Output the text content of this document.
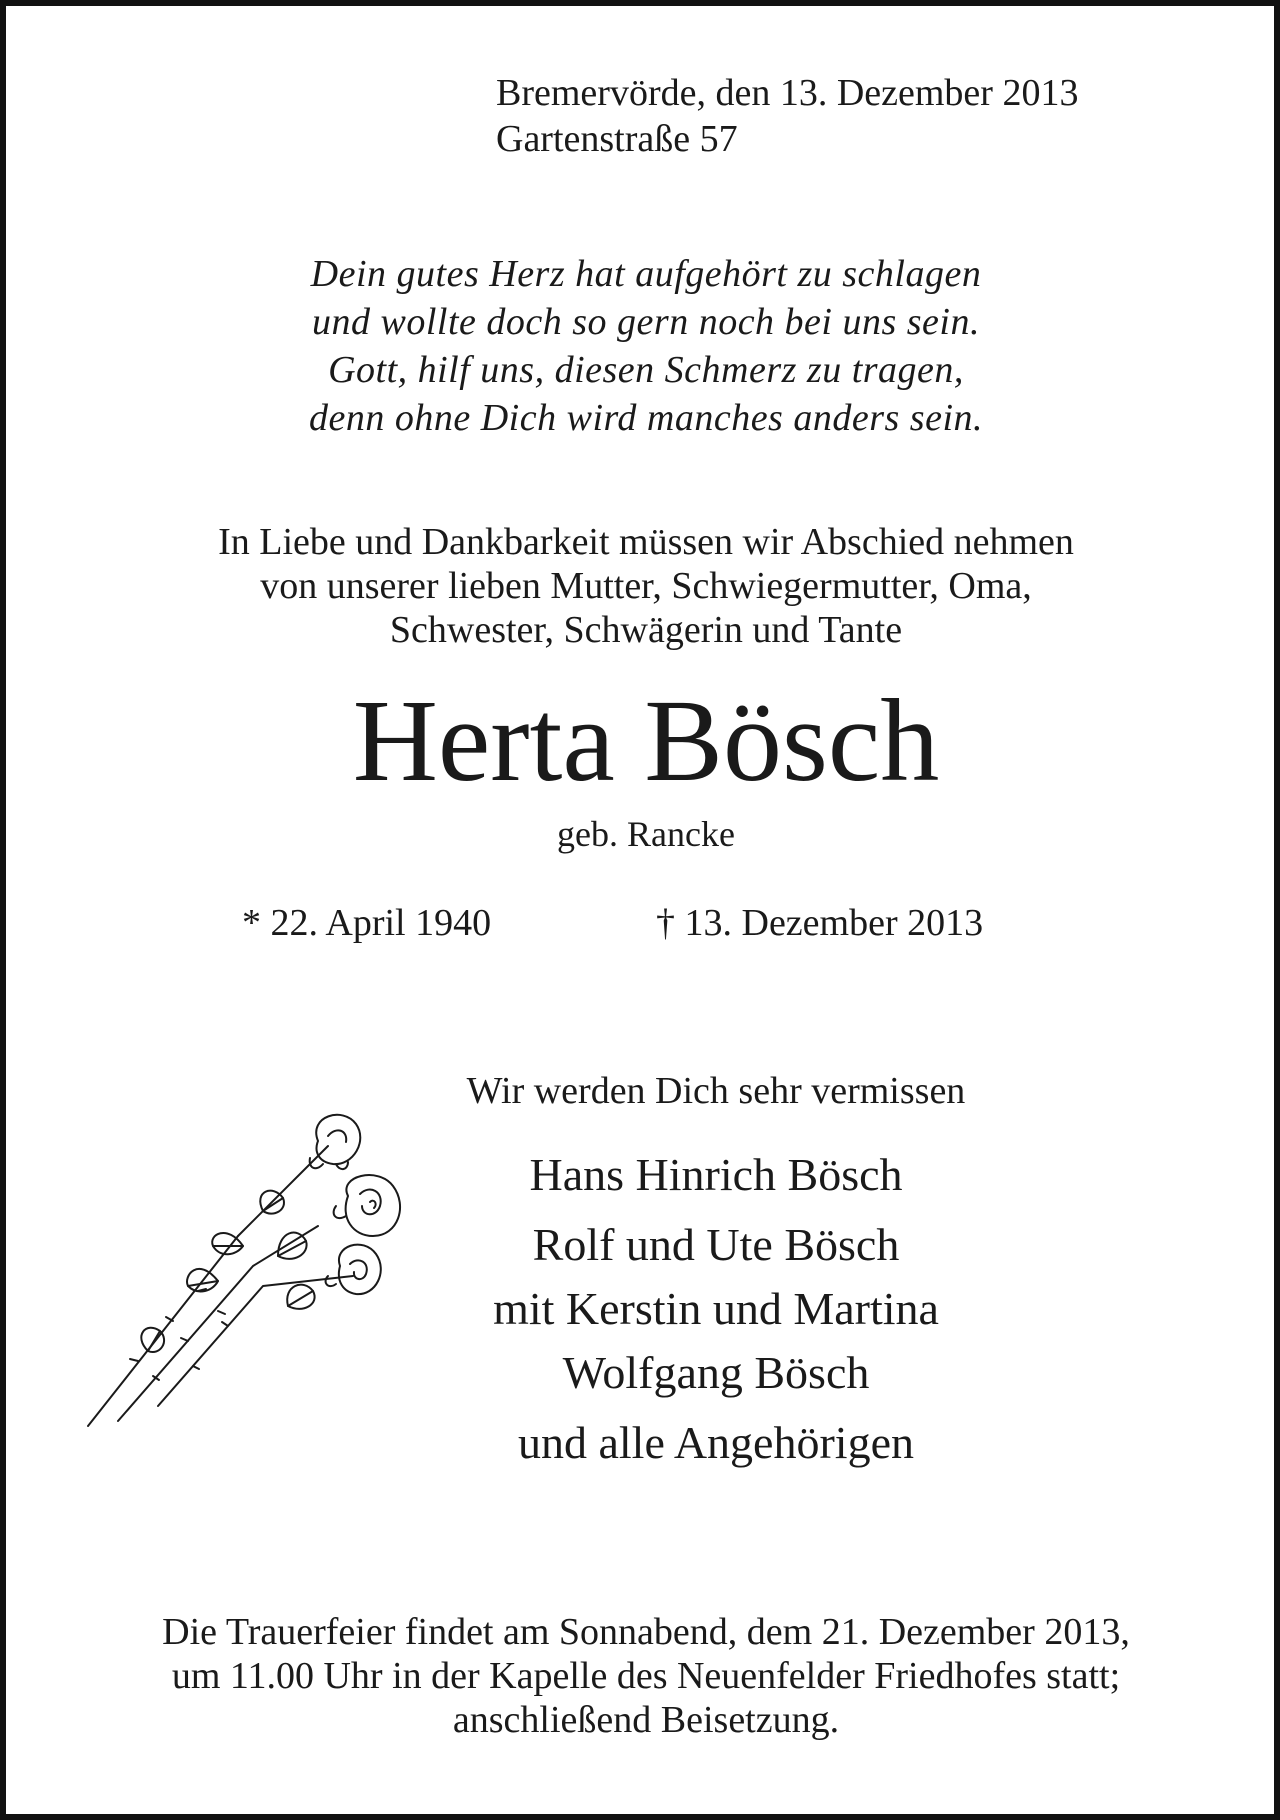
Bremervörde, den 13. Dezember 2013
Gartenstraße 57
Dein gutes Herz hat aufgehört zu schlagen
und wollte doch so gern noch bei uns sein.
Gott, hilf uns, diesen Schmerz zu tragen,
denn ohne Dich wird manches anders sein.
In Liebe und Dankbarkeit müssen wir Abschied nehmen
von unserer lieben Mutter, Schwiegermutter, Oma,
Schwester, Schwägerin und Tante
Herta Bösch
geb. Rancke
* 22. April 1940	† 13. Dezember 2013
Wir werden Dich sehr vermissen
Hans Hinrich Bösch
Rolf und Ute Bösch
mit Kerstin und Martina
Wolfgang Bösch
und alle Angehörigen
Die Trauerfeier findet am Sonnabend, dem 21. Dezember 2013,
um 11.00 Uhr in der Kapelle des Neuenfelder Friedhofes statt;
anschließend Beisetzung.
